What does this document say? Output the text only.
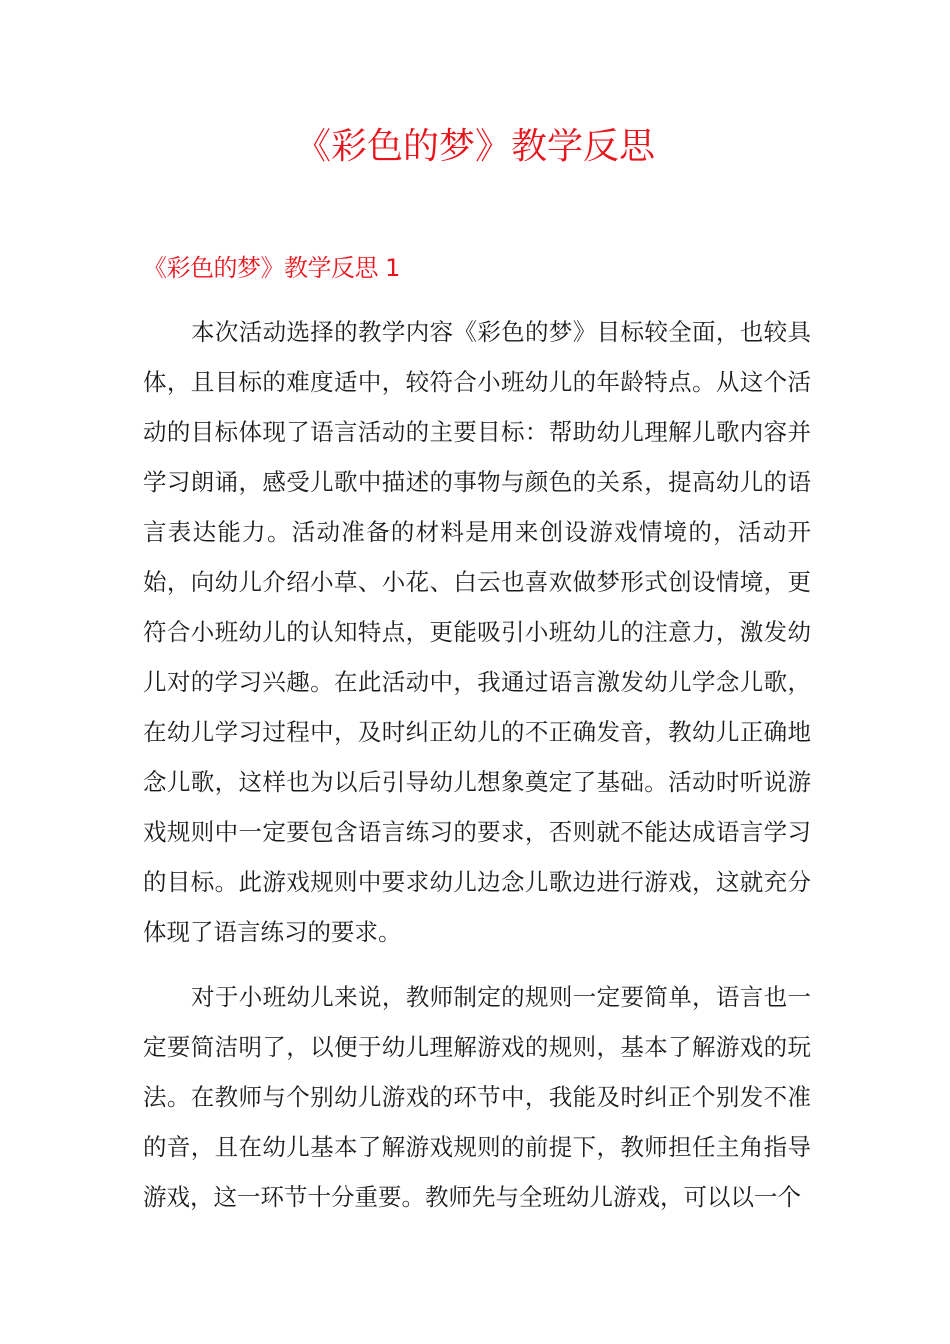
《彩色的梦》教学反思
《彩色的梦》教学反思 1

本次活动选择的教学内容《彩色的梦》目标较全面，也较具体，且目标的难度适中，较符合小班幼儿的年龄特点。从这个活动的目标体现了语言活动的主要目标：帮助幼儿理解儿歌内容并学习朗诵，感受儿歌中描述的事物与颜色的关系，提高幼儿的语言表达能力。活动准备的材料是用来创设游戏情境的，活动开始，向幼儿介绍小草、小花、白云也喜欢做梦形式创设情境，更符合小班幼儿的认知特点，更能吸引小班幼儿的注意力，激发幼儿对的学习兴趣。在此活动中，我通过语言激发幼儿学念儿歌，在幼儿学习过程中，及时纠正幼儿的不正确发音，教幼儿正确地念儿歌，这样也为以后引导幼儿想象奠定了基础。活动时听说游戏规则中一定要包含语言练习的要求，否则就不能达成语言学习的目标。此游戏规则中要求幼儿边念儿歌边进行游戏，这就充分体现了语言练习的要求。

对于小班幼儿来说，教师制定的规则一定要简单，语言也一定要简洁明了，以便于幼儿理解游戏的规则，基本了解游戏的玩法。在教师与个别幼儿游戏的环节中，我能及时纠正个别发不准的音，且在幼儿基本了解游戏规则的前提下，教师担任主角指导游戏，这一环节十分重要。教师先与全班幼儿游戏，可以以一个
